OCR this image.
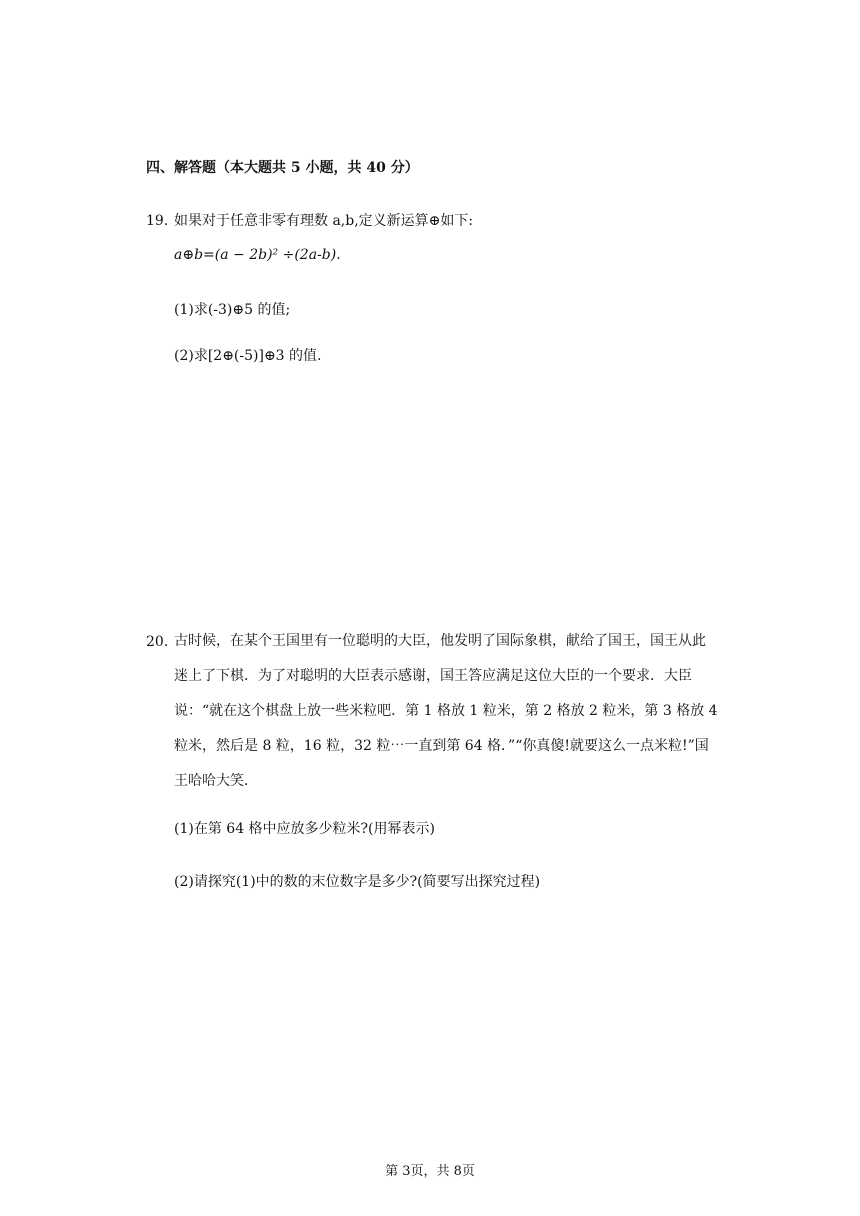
四、解答题（本大题共 5 小题，共 40 分）
19. 如果对于任意非零有理数 a,b,定义新运算⊕如下:
a⊕b=(a − 2b)² ÷(2a-b).
(1)求(-3)⊕5 的值;
(2)求[2⊕(-5)]⊕3 的值.
20. 古时候，在某个王国里有一位聪明的大臣，他发明了国际象棋，献给了国王，国王从此迷上了下棋．为了对聪明的大臣表示感谢，国王答应满足这位大臣的一个要求．大臣说：“就在这个棋盘上放一些米粒吧．第 1 格放 1 粒米，第 2 格放 2 粒米，第 3 格放 4 粒米，然后是 8 粒，16 粒，32 粒⋯一直到第 64 格．”“你真傻!就要这么一点米粒!”国王哈哈大笑．
(1)在第 64 格中应放多少粒米?(用幂表示)
(2)请探究(1)中的数的末位数字是多少?(简要写出探究过程)
第 3页，共 8页
